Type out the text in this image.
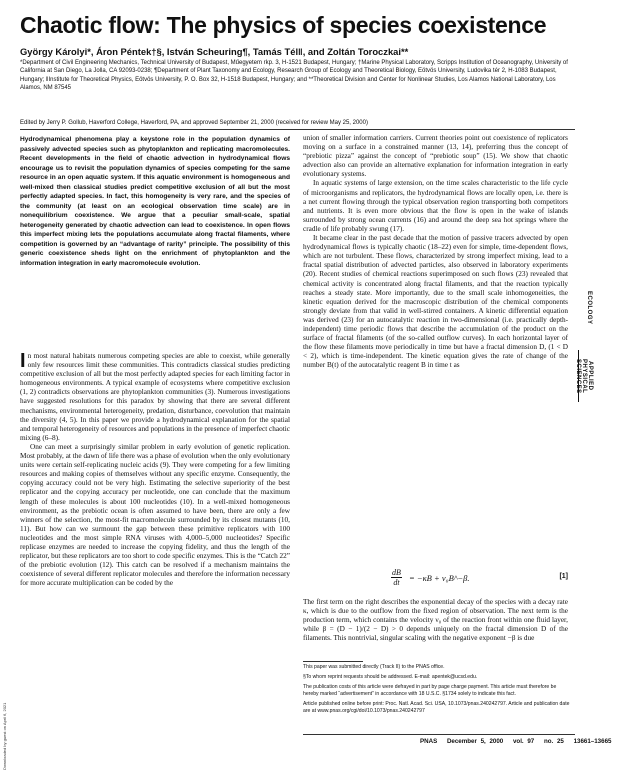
Chaotic flow: The physics of species coexistence
György Károlyi*, Áron Péntek†§, István Scheuring¶, Tamás Tél‖, and Zoltán Toroczkai**
*Department of Civil Engineering Mechanics, Technical University of Budapest, Műegyetem rkp. 3, H-1521 Budapest, Hungary; †Marine Physical Laboratory, Scripps Institution of Oceanography, University of California at San Diego, La Jolla, CA 92093-0238; ¶Department of Plant Taxonomy and Ecology, Research Group of Ecology and Theoretical Biology, Eötvös University, Ludovika tér 2, H-1083 Budapest, Hungary; ‖Institute for Theoretical Physics, Eötvös University, P. O. Box 32, H-1518 Budapest, Hungary; and **Theoretical Division and Center for Nonlinear Studies, Los Alamos National Laboratory, Los Alamos, NM 87545
Edited by Jerry P. Gollub, Haverford College, Haverford, PA, and approved September 21, 2000 (received for review May 25, 2000)

Hydrodynamical phenomena play a keystone role in the population dynamics of passively advected species such as phytoplankton and replicating macromolecules. Recent developments in the field of chaotic advection in hydrodynamical flows encourage us to revisit the population dynamics of species competing for the same resource in an open aquatic system. If this aquatic environment is homogeneous and well-mixed then classical studies predict competitive exclusion of all but the most perfectly adapted species. In fact, this homogeneity is very rare, and the species of the community (at least on an ecological observation time scale) are in nonequilibrium coexistence. We argue that a peculiar small-scale, spatial heterogeneity generated by chaotic advection can lead to coexistence. In open flows this imperfect mixing lets the populations accumulate along fractal filaments, where competition is governed by an “advantage of rarity” principle. The possibility of this generic coexistence sheds light on the enrichment of phytoplankton and the information integration in early macromolecule evolution.

In most natural habitats numerous competing species are able to coexist, while generally only few resources limit these communities. This contradicts classical studies predicting competitive exclusion of all but the most perfectly adapted species for each limiting factor in homogeneous environments. A typical example of ecosystems where competitive exclusion (1, 2) contradicts observations are phytoplankton communities (3). Numerous investigations have suggested resolutions for this paradox by showing that there are several different mechanisms, environmental heterogeneity, predation, disturbance, coevolution that maintain the diversity (4, 5). In this paper we provide a hydrodynamical explanation for the spatial and temporal heterogeneity of resources and populations in the presence of imperfect chaotic mixing (6–8).

One can meet a surprisingly similar problem in early evolution of genetic replication. Most probably, at the dawn of life there was a phase of evolution when the only evolutionary units were certain self-replicating nucleic acids (9). They were competing for a few limiting resources and making copies of themselves without any specific enzyme. Consequently, the copying accuracy could not be very high. Estimating the selective superiority of the best replicator and the copying accuracy per nucleotide, one can conclude that the maximum length of these molecules is about 100 nucleotides (10). In a well-mixed homogeneous environment, as the prebiotic ocean is often assumed to have been, there are only a few winners of the selection, the most-fit macromolecule surrounded by its closest mutants (10, 11). But how can we surmount the gap between these primitive replicators with 100 nucleotides and the most simple RNA viruses with 4,000–5,000 nucleotides? Specific replicase enzymes are needed to increase the copying fidelity, and thus the length of the replicator, but these replicators are too short to code specific enzymes. This is the “Catch 22” of the prebiotic evolution (12). This catch can be resolved if a mechanism maintains the coexistence of several different replicator molecules and therefore the information necessary for more accurate multiplication can be coded by the

union of smaller information carriers. Current theories point out coexistence of replicators moving on a surface in a constrained manner (13, 14), preferring thus the concept of “prebiotic pizza” against the concept of “prebiotic soup” (15). We show that chaotic advection also can provide an alternative explanation for information integration in early evolutionary systems.

In aquatic systems of large extension, on the time scales characteristic to the life cycle of microorganisms and replicators, the hydrodynamical flows are locally open, i.e. there is a net current flowing through the typical observation region transporting both competitors and nutrients. It is even more obvious that the flow is open in the wake of islands surrounded by strong ocean currents (16) and around the deep sea hot springs where the cradle of life probably swung (17).

It became clear in the past decade that the motion of passive tracers advected by open hydrodynamical flows is typically chaotic (18–22) even for simple, time-dependent flows, which are not turbulent. These flows, characterized by strong imperfect mixing, lead to a fractal spatial distribution of advected particles, also observed in laboratory experiments (20). Recent studies of chemical reactions superimposed on such flows (23) revealed that chemical activity is concentrated along fractal filaments, and that the reaction typically reaches a steady state. More importantly, due to the small scale inhomogeneities, the kinetic equation derived for the macroscopic distribution of the chemical components strongly deviate from that valid in well-stirred containers. A kinetic differential equation was derived (23) for an autocatalytic reaction in two-dimensional (i.e. practically depth-independent) time periodic flows that describe the accumulation of the product on the surface of fractal filaments (of the so-called outflow curves). In each horizontal layer of the flow these filaments move periodically in time but have a fractal dimension D, (1 < D < 2), which is time-independent. The kinetic equation gives the rate of change of the number B(t) of the autocatalytic reagent B in time t as

$\frac{dB}{dt} = -\kappa B$ + ν₀B^−β.	[1]

The first term on the right describes the exponential decay of the species with a decay rate κ, which is due to the outflow from the fixed region of observation. The next term is the production term, which contains the velocity ν₀ of the reaction front within one fluid layer, while β = (D − 1)/(2 − D) > 0 depends uniquely on the fractal dimension D of the filaments. This nontrivial, singular scaling with the negative exponent −β is due

This paper was submitted directly (Track II) to the PNAS office.

§To whom reprint requests should be addressed. E-mail: apentek@ucsd.edu.

The publication costs of this article were defrayed in part by page charge payment. This article must therefore be hereby marked “advertisement” in accordance with 18 U.S.C. §1734 solely to indicate this fact.

Article published online before print: Proc. Natl. Acad. Sci. USA, 10.1073/pnas.240242797. Article and publication date are at www.pnas.org/cgi/doi/10.1073/pnas.240242797

PNAS December 5, 2000 vol. 97 no. 25 13661–13665
ECOLOGY
APPLIED PHYSICAL SCIENCES
Downloaded by guest on April 6, 2021
